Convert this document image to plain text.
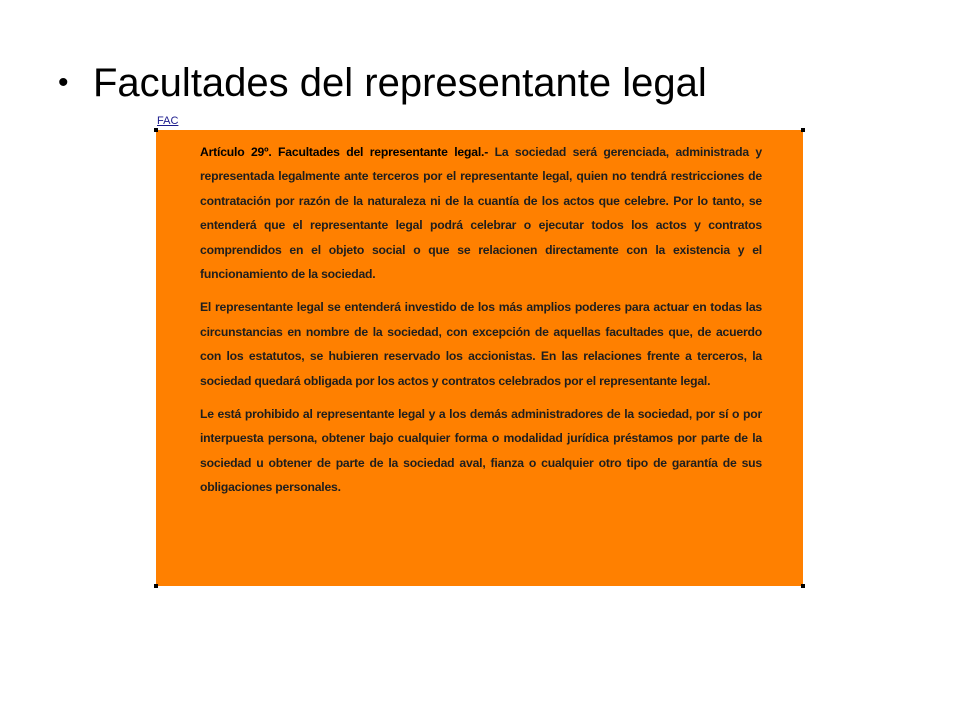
• Facultades del representante legal
FAC

Artículo 29º. Facultades del representante legal.- La sociedad será gerenciada, administrada y representada legalmente ante terceros por el representante legal, quien no tendrá restricciones de contratación por razón de la naturaleza ni de la cuantía de los actos que celebre. Por lo tanto, se entenderá que el representante legal podrá celebrar o ejecutar todos los actos y contratos comprendidos en el objeto social o que se relacionen directamente con la existencia y el funcionamiento de la sociedad.

El representante legal se entenderá investido de los más amplios poderes para actuar en todas las circunstancias en nombre de la sociedad, con excepción de aquellas facultades que, de acuerdo con los estatutos, se hubieren reservado los accionistas. En las relaciones frente a terceros, la sociedad quedará obligada por los actos y contratos celebrados por el representante legal.

Le está prohibido al representante legal y a los demás administradores de la sociedad, por sí o por interpuesta persona, obtener bajo cualquier forma o modalidad jurídica préstamos por parte de la sociedad u obtener de parte de la sociedad aval, fianza o cualquier otro tipo de garantía de sus obligaciones personales.
